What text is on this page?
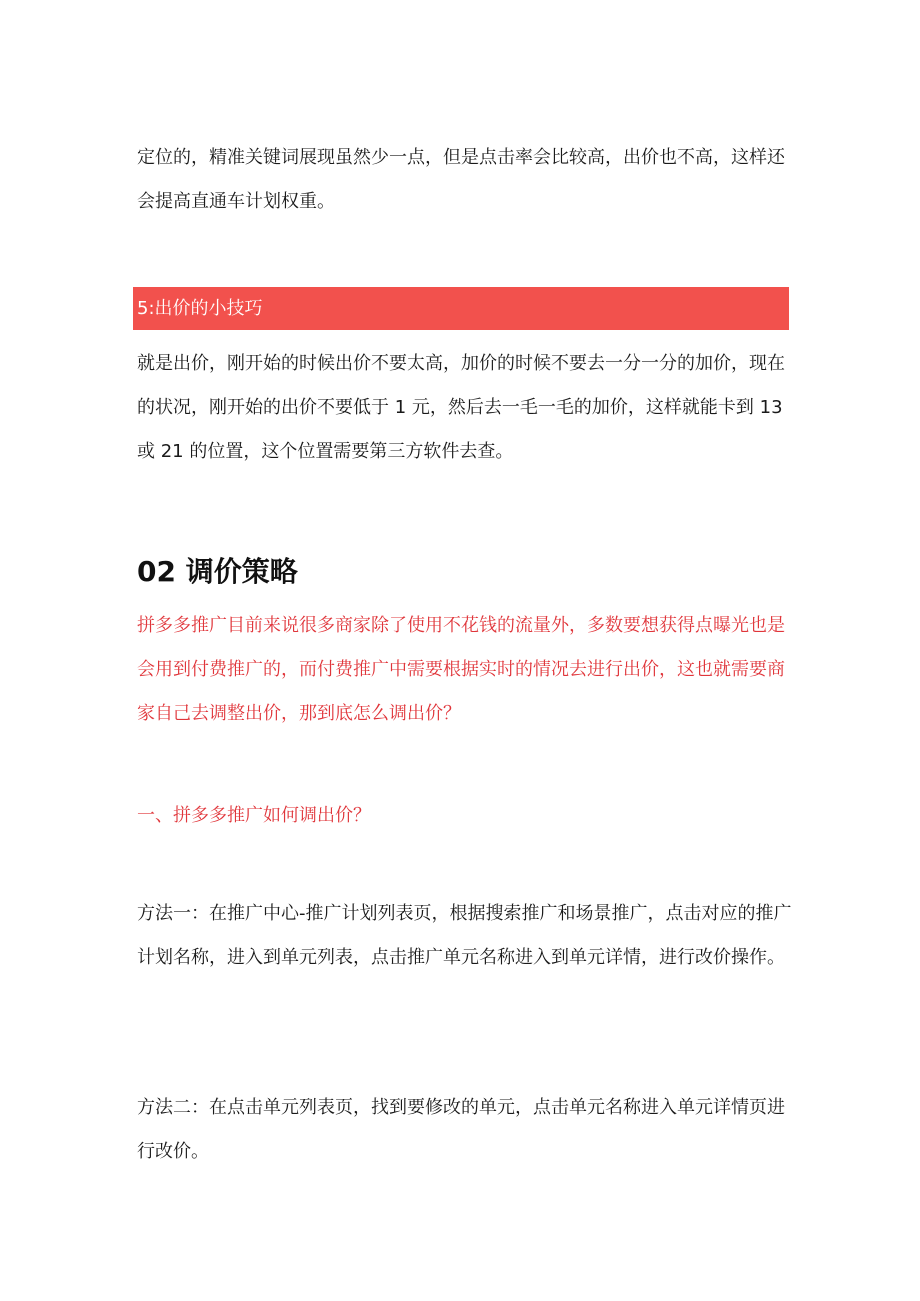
定位的，精准关键词展现虽然少一点，但是点击率会比较高，出价也不高，这样还会提高直通车计划权重。

5:出价的小技巧

就是出价，刚开始的时候出价不要太高，加价的时候不要去一分一分的加价，现在的状况，刚开始的出价不要低于 1 元，然后去一毛一毛的加价，这样就能卡到 13 或 21 的位置，这个位置需要第三方软件去查。

02 调价策略

拼多多推广目前来说很多商家除了使用不花钱的流量外，多数要想获得点曝光也是会用到付费推广的，而付费推广中需要根据实时的情况去进行出价，这也就需要商家自己去调整出价，那到底怎么调出价？

一、拼多多推广如何调出价？

方法一：在推广中心-推广计划列表页，根据搜索推广和场景推广，点击对应的推广计划名称，进入到单元列表，点击推广单元名称进入到单元详情，进行改价操作。

方法二：在点击单元列表页，找到要修改的单元，点击单元名称进入单元详情页进行改价。
